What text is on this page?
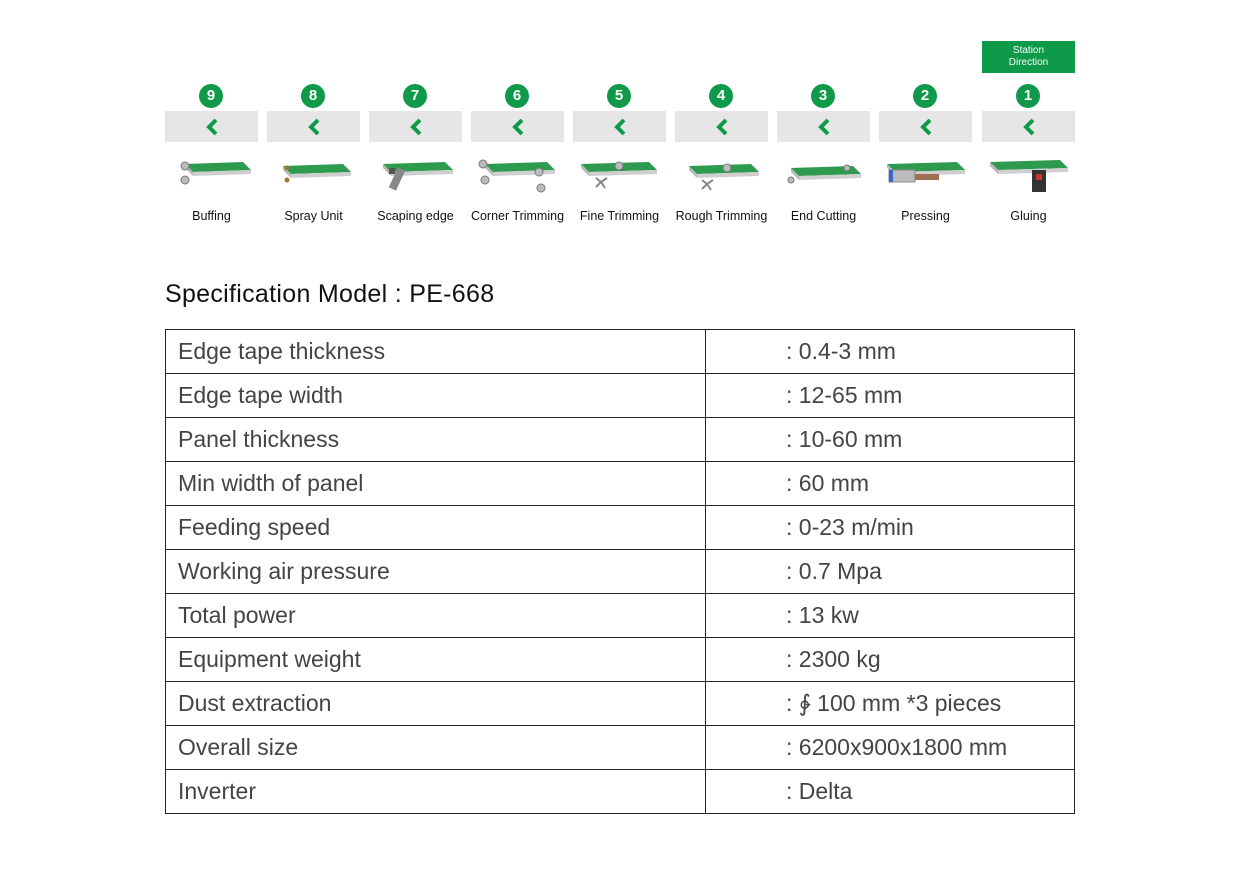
Station
Direction
9
Buffing
8
Spray Unit
7
Scaping edge
6
Corner Trimming
5
Fine Trimming
4
Rough Trimming
3
End Cutting
2
Pressing
1
Gluing
Specification Model : PE-668
Edge tape thickness	: 0.4-3 mm
Edge tape width	: 12-65 mm
Panel thickness	: 10-60 mm
Min width of panel	: 60 mm
Feeding speed	: 0-23 m/min
Working air pressure	: 0.7 Mpa
Total power	: 13 kw
Equipment weight	: 2300 kg
Dust extraction	: ∲ 100 mm *3 pieces
Overall size	: 6200x900x1800 mm
Inverter	: Delta
